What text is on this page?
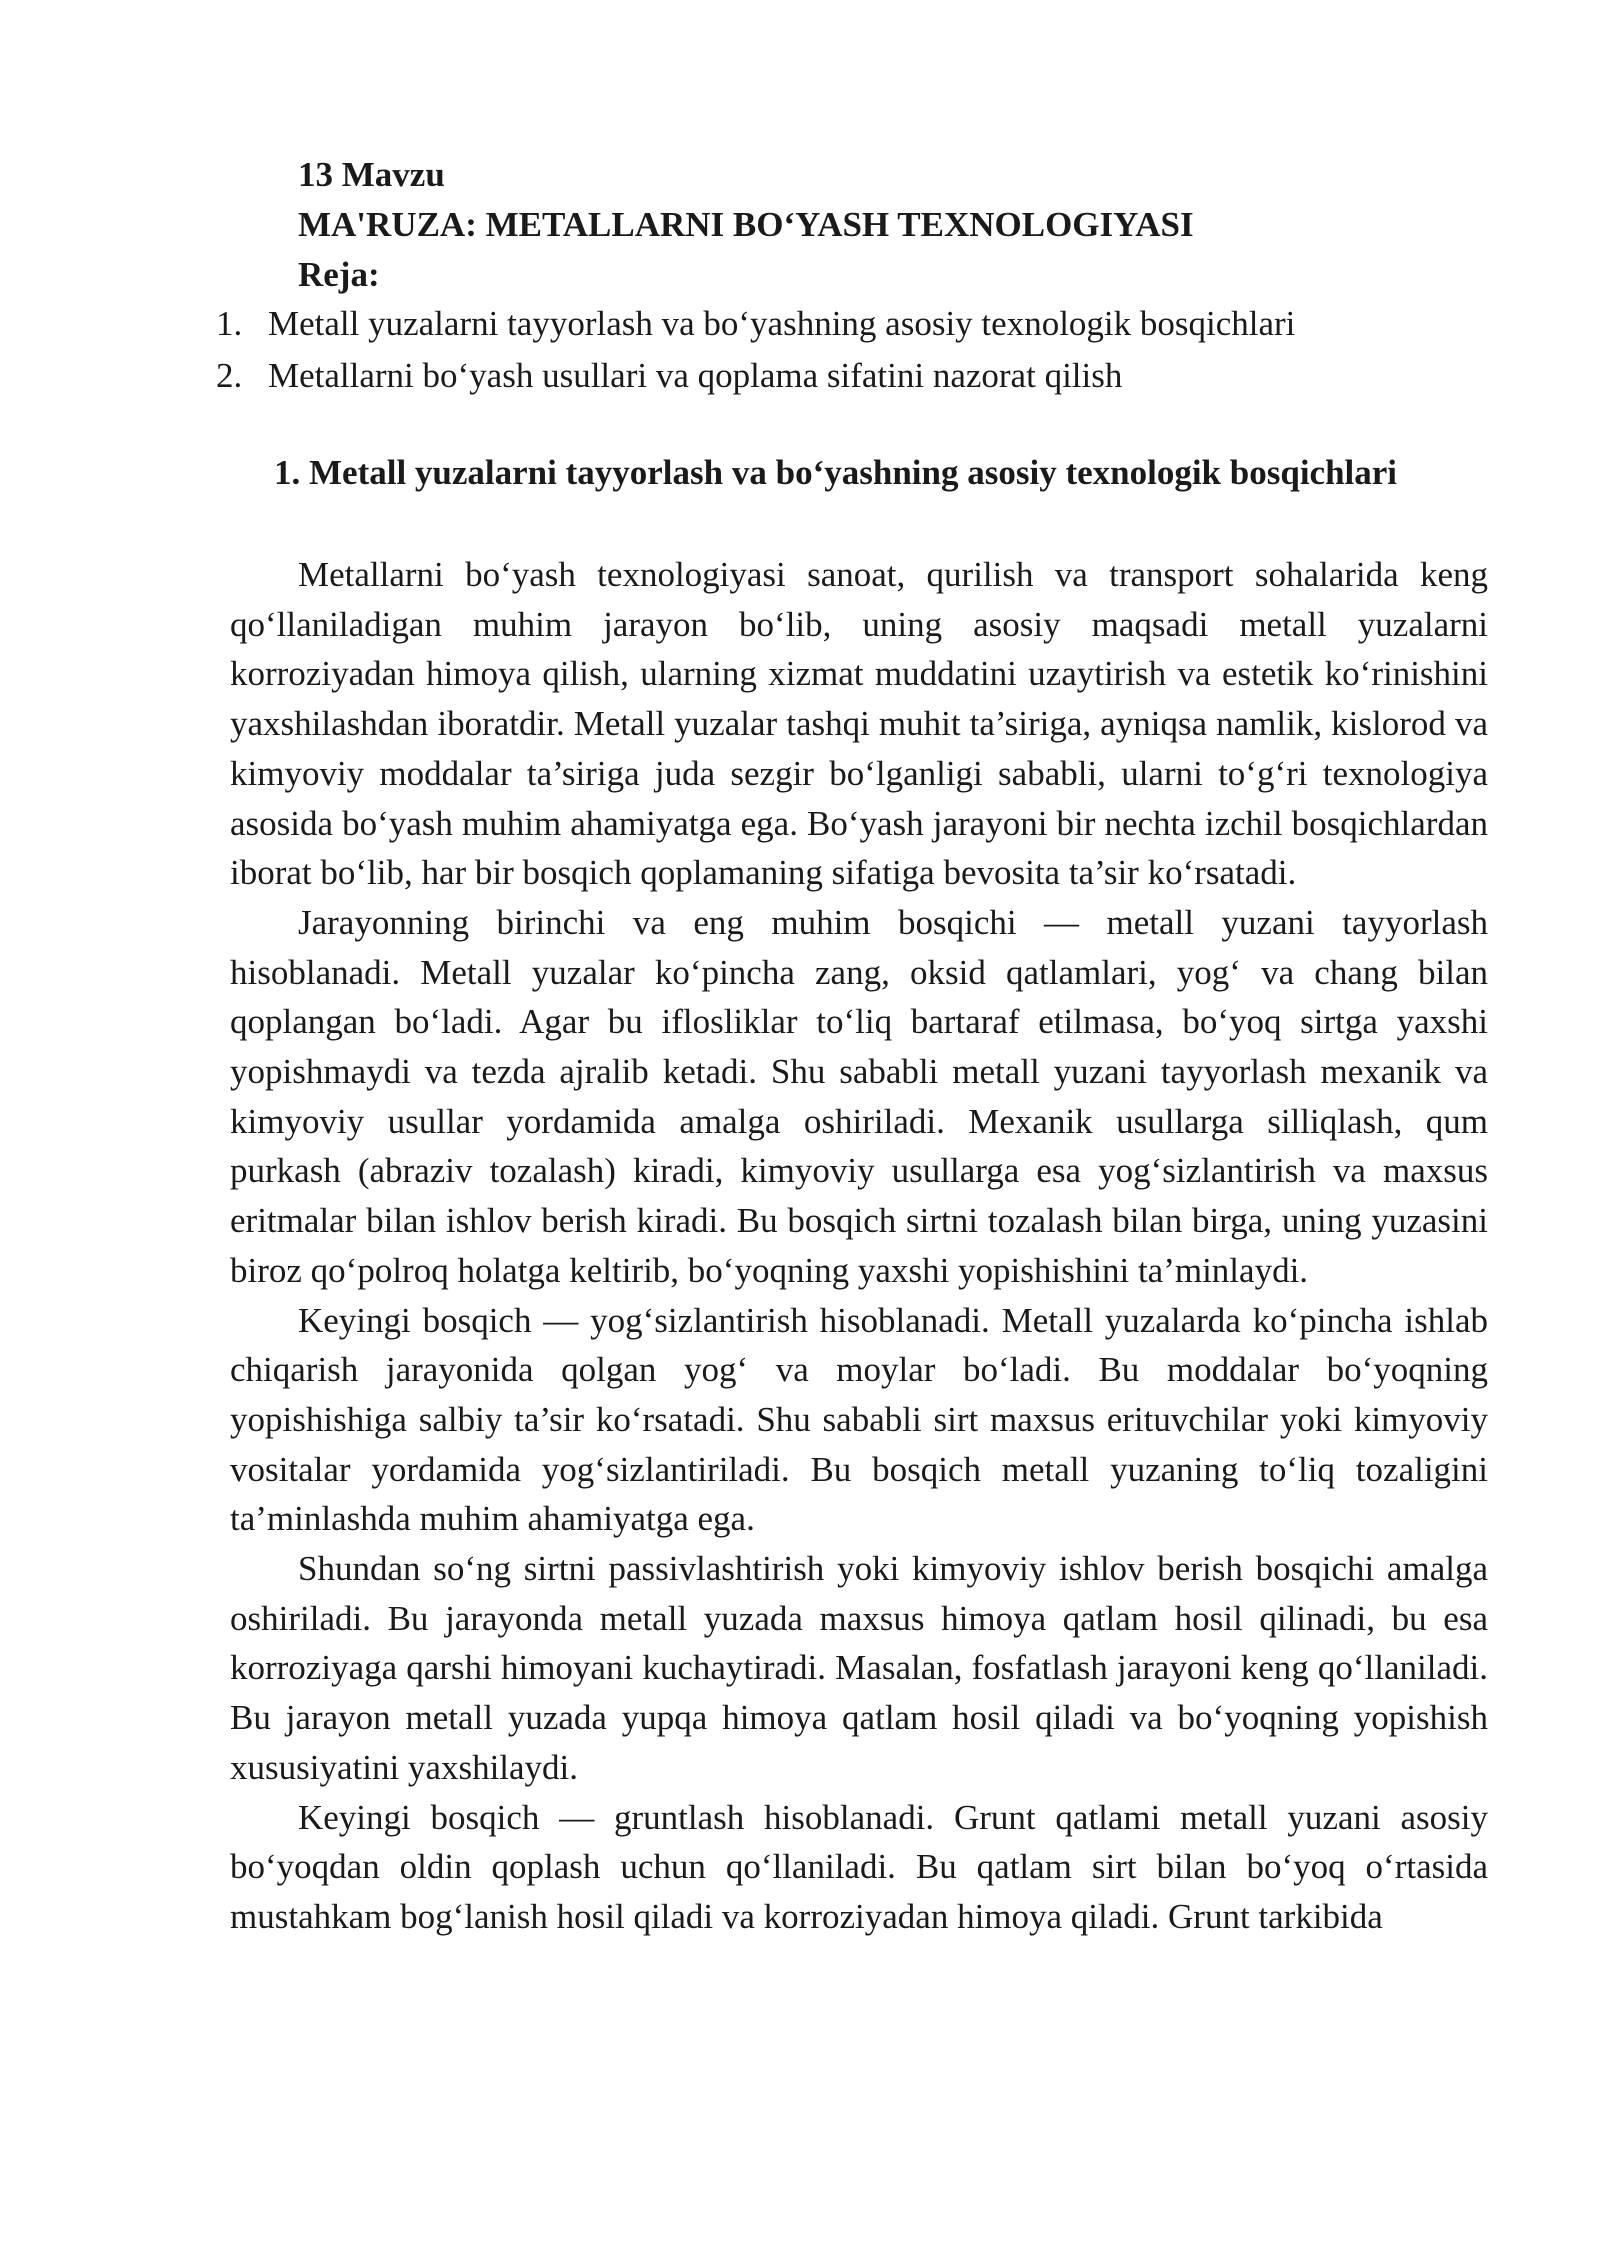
13 Mavzu
MA'RUZA: METALLARNI BO‘YASH TEXNOLOGIYASI
Reja:
1. Metall yuzalarni tayyorlash va bo‘yashning asosiy texnologik bosqichlari
2. Metallarni bo‘yash usullari va qoplama sifatini nazorat qilish
1. Metall yuzalarni tayyorlash va bo‘yashning asosiy texnologik bosqichlari

Metallarni bo‘yash texnologiyasi sanoat, qurilish va transport sohalarida keng qo‘llaniladigan muhim jarayon bo‘lib, uning asosiy maqsadi metall yuzalarni korroziyadan himoya qilish, ularning xizmat muddatini uzaytirish va estetik ko‘rinishini yaxshilashdan iboratdir. Metall yuzalar tashqi muhit ta’siriga, ayniqsa namlik, kislorod va kimyoviy moddalar ta’siriga juda sezgir bo‘lganligi sababli, ularni to‘g‘ri texnologiya asosida bo‘yash muhim ahamiyatga ega. Bo‘yash jarayoni bir nechta izchil bosqichlardan iborat bo‘lib, har bir bosqich qoplamaning sifatiga bevosita ta’sir ko‘rsatadi.

Jarayonning birinchi va eng muhim bosqichi — metall yuzani tayyorlash hisoblanadi. Metall yuzalar ko‘pincha zang, oksid qatlamlari, yog‘ va chang bilan qoplangan bo‘ladi. Agar bu iflosliklar to‘liq bartaraf etilmasa, bo‘yoq sirtga yaxshi yopishmaydi va tezda ajralib ketadi. Shu sababli metall yuzani tayyorlash mexanik va kimyoviy usullar yordamida amalga oshiriladi. Mexanik usullarga silliqlash, qum purkash (abraziv tozalash) kiradi, kimyoviy usullarga esa yog‘sizlantirish va maxsus eritmalar bilan ishlov berish kiradi. Bu bosqich sirtni tozalash bilan birga, uning yuzasini biroz qo‘polroq holatga keltirib, bo‘yoqning yaxshi yopishishini ta’minlaydi.

Keyingi bosqich — yog‘sizlantirish hisoblanadi. Metall yuzalarda ko‘pincha ishlab chiqarish jarayonida qolgan yog‘ va moylar bo‘ladi. Bu moddalar bo‘yoqning yopishishiga salbiy ta’sir ko‘rsatadi. Shu sababli sirt maxsus erituvchilar yoki kimyoviy vositalar yordamida yog‘sizlantiriladi. Bu bosqich metall yuzaning to‘liq tozaligini ta’minlashda muhim ahamiyatga ega.

Shundan so‘ng sirtni passivlashtirish yoki kimyoviy ishlov berish bosqichi amalga oshiriladi. Bu jarayonda metall yuzada maxsus himoya qatlam hosil qilinadi, bu esa korroziyaga qarshi himoyani kuchaytiradi. Masalan, fosfatlash jarayoni keng qo‘llaniladi. Bu jarayon metall yuzada yupqa himoya qatlam hosil qiladi va bo‘yoqning yopishish xususiyatini yaxshilaydi.

Keyingi bosqich — gruntlash hisoblanadi. Grunt qatlami metall yuzani asosiy bo‘yoqdan oldin qoplash uchun qo‘llaniladi. Bu qatlam sirt bilan bo‘yoq o‘rtasida mustahkam bog‘lanish hosil qiladi va korroziyadan himoya qiladi. Grunt tarkibida
